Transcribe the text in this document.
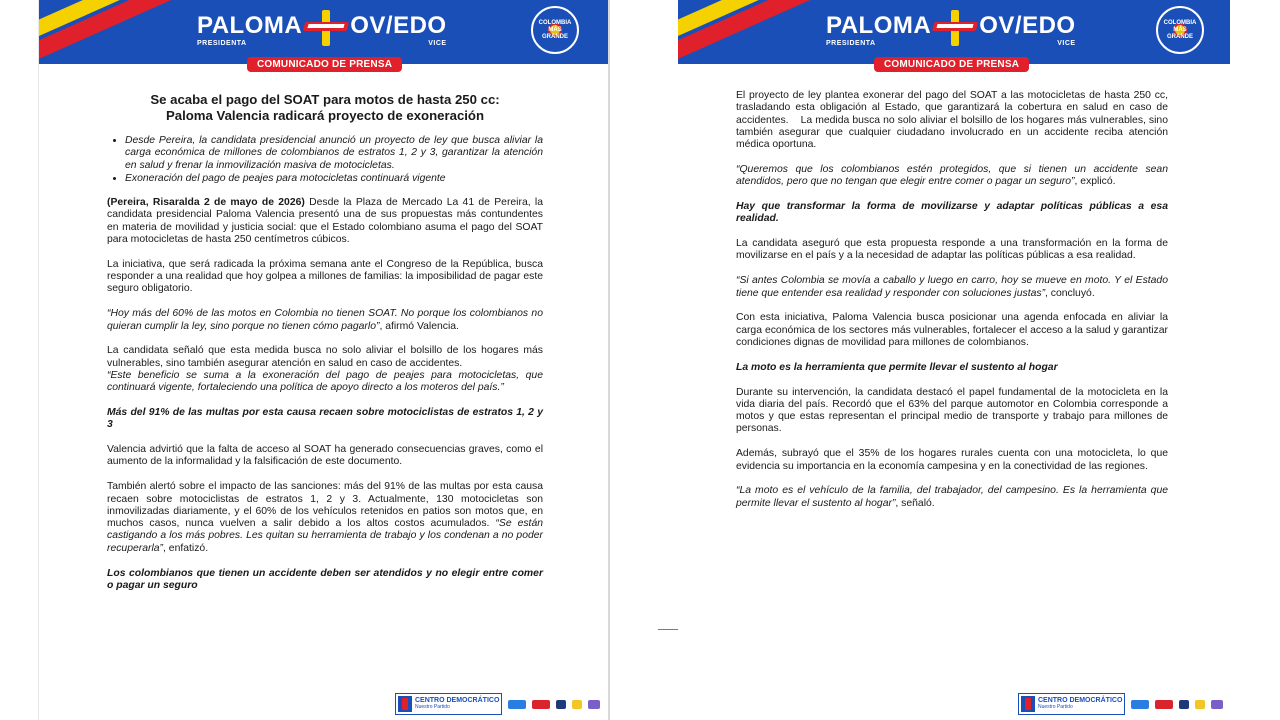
PALOMA
PRESIDENTA
OV/EDO
VICE
COLOMBIA MÁS GRANDE
COMUNICADO DE PRENSA
Se acaba el pago del SOAT para motos de hasta 250 cc:
Paloma Valencia radicará proyecto de exoneración
• Desde Pereira, la candidata presidencial anunció un proyecto de ley que busca aliviar la carga económica de millones de colombianos de estratos 1, 2 y 3, garantizar la atención en salud y frenar la inmovilización masiva de motocicletas.
• Exoneración del pago de peajes para motocicletas continuará vigente

(Pereira, Risaralda 2 de mayo de 2026) Desde la Plaza de Mercado La 41 de Pereira, la candidata presidencial Paloma Valencia presentó una de sus propuestas más contundentes en materia de movilidad y justicia social: que el Estado colombiano asuma el pago del SOAT para motocicletas de hasta 250 centímetros cúbicos.

La iniciativa, que será radicada la próxima semana ante el Congreso de la República, busca responder a una realidad que hoy golpea a millones de familias: la imposibilidad de pagar este seguro obligatorio.

“Hoy más del 60% de las motos en Colombia no tienen SOAT. No porque los colombianos no quieran cumplir la ley, sino porque no tienen cómo pagarlo”, afirmó Valencia.

La candidata señaló que esta medida busca no solo aliviar el bolsillo de los hogares más vulnerables, sino también asegurar atención en salud en caso de accidentes.
“Este beneficio se suma a la exoneración del pago de peajes para motocicletas, que continuará vigente, fortaleciendo una política de apoyo directo a los moteros del país.”

Más del 91% de las multas por esta causa recaen sobre motociclistas de estratos 1, 2 y 3

Valencia advirtió que la falta de acceso al SOAT ha generado consecuencias graves, como el aumento de la informalidad y la falsificación de este documento.

También alertó sobre el impacto de las sanciones: más del 91% de las multas por esta causa recaen sobre motociclistas de estratos 1, 2 y 3. Actualmente, 130 motocicletas son inmovilizadas diariamente, y el 60% de los vehículos retenidos en patios son motos que, en muchos casos, nunca vuelven a salir debido a los altos costos acumulados. “Se están castigando a los más pobres. Les quitan su herramienta de trabajo y los condenan a no poder recuperarla”, enfatizó.

Los colombianos que tienen un accidente deben ser atendidos y no elegir entre comer o pagar un seguro

CENTRO DEMOCRÁTICO
Nuestro Partido
PALOMA
PRESIDENTA
OV/EDO
VICE
COLOMBIA MÁS GRANDE
COMUNICADO DE PRENSA

El proyecto de ley plantea exonerar del pago del SOAT a las motocicletas de hasta 250 cc, trasladando esta obligación al Estado, que garantizará la cobertura en salud en caso de accidentes.    La medida busca no solo aliviar el bolsillo de los hogares más vulnerables, sino también asegurar que cualquier ciudadano involucrado en un accidente reciba atención médica oportuna.

“Queremos que los colombianos estén protegidos, que si tienen un accidente sean atendidos, pero que no tengan que elegir entre comer o pagar un seguro”, explicó.

Hay que transformar la forma de movilizarse y adaptar políticas públicas a esa realidad.

La candidata aseguró que esta propuesta responde a una transformación en la forma de movilizarse en el país y a la necesidad de adaptar las políticas públicas a esa realidad.

“Si antes Colombia se movía a caballo y luego en carro, hoy se mueve en moto. Y el Estado tiene que entender esa realidad y responder con soluciones justas”, concluyó.

Con esta iniciativa, Paloma Valencia busca posicionar una agenda enfocada en aliviar la carga económica de los sectores más vulnerables, fortalecer el acceso a la salud y garantizar condiciones dignas de movilidad para millones de colombianos.

La moto es la herramienta que permite llevar el sustento al hogar

Durante su intervención, la candidata destacó el papel fundamental de la motocicleta en la vida diaria del país. Recordó que el 63% del parque automotor en Colombia corresponde a motos y que estas representan el principal medio de transporte y trabajo para millones de personas.

Además, subrayó que el 35% de los hogares rurales cuenta con una motocicleta, lo que evidencia su importancia en la economía campesina y en la conectividad de las regiones.

“La moto es el vehículo de la familia, del trabajador, del campesino. Es la herramienta que permite llevar el sustento al hogar”, señaló.

CENTRO DEMOCRÁTICO
Nuestro Partido
